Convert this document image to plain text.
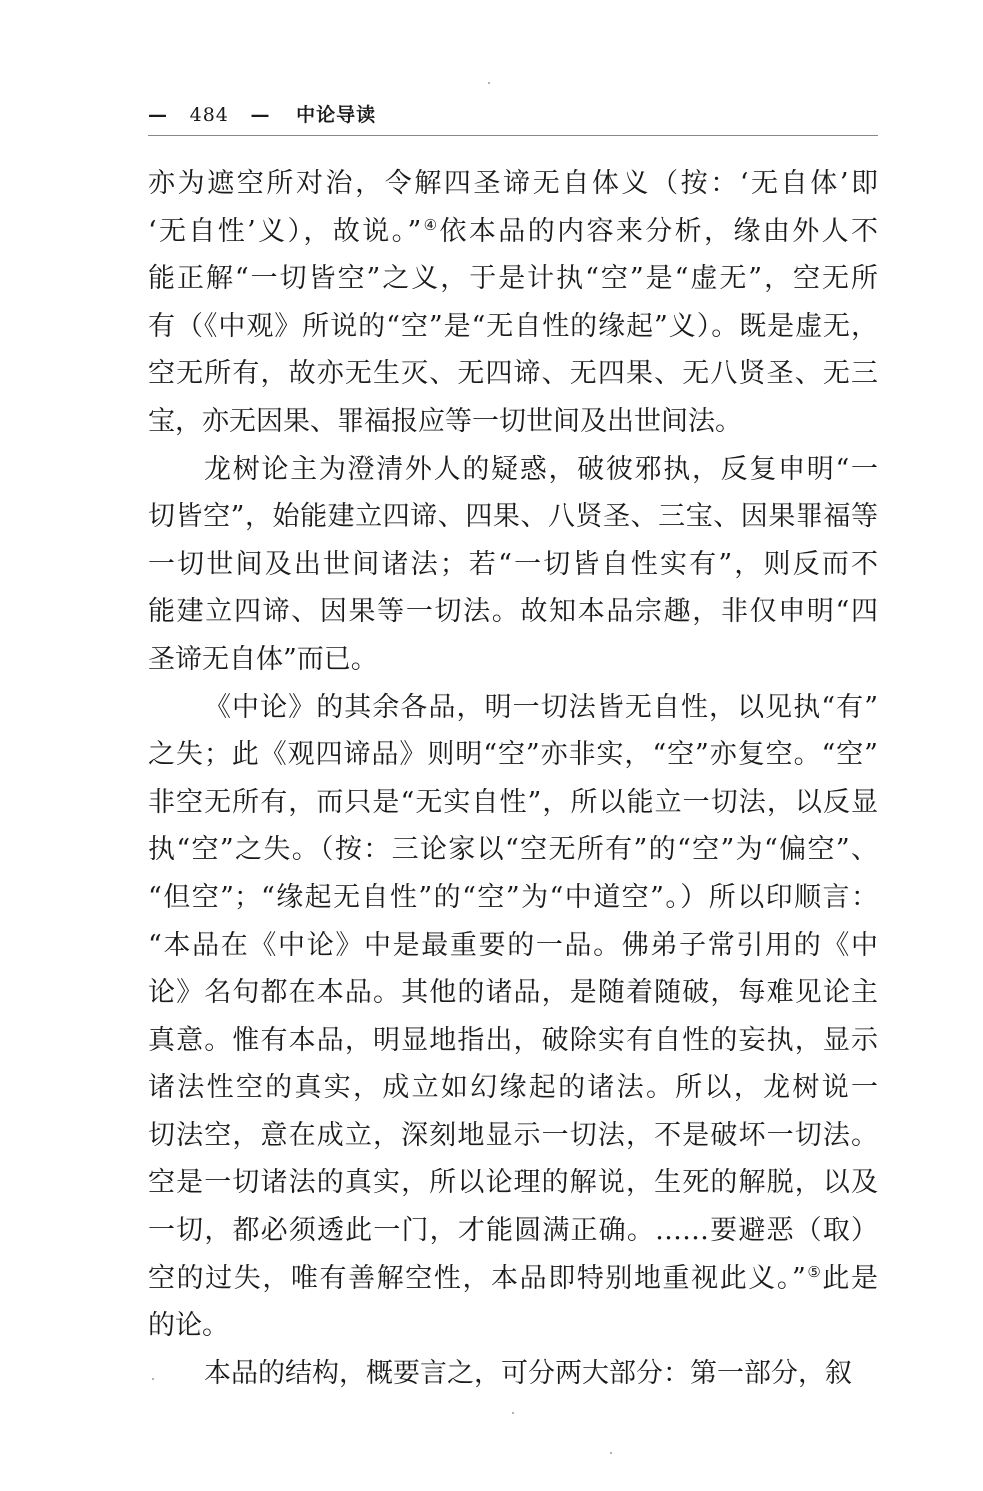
— 484 — 中论导读
亦为遮空所对治，令解四圣谛无自体义（按：‘无自体’即
‘无自性’义），故说。”④依本品的内容来分析，缘由外人不
能正解“一切皆空”之义，于是计执“空”是“虚无”，空无所
有（《中观》所说的“空”是“无自性的缘起”义）。既是虚无，
空无所有，故亦无生灭、无四谛、无四果、无八贤圣、无三
宝，亦无因果、罪福报应等一切世间及出世间法。
龙树论主为澄清外人的疑惑，破彼邪执，反复申明“一
切皆空”，始能建立四谛、四果、八贤圣、三宝、因果罪福等
一切世间及出世间诸法；若“一切皆自性实有”，则反而不
能建立四谛、因果等一切法。故知本品宗趣，非仅申明“四
圣谛无自体”而已。
《中论》的其余各品，明一切法皆无自性，以见执“有”
之失；此《观四谛品》则明“空”亦非实，“空”亦复空。“空”
非空无所有，而只是“无实自性”，所以能立一切法，以反显
执“空”之失。（按：三论家以“空无所有”的“空”为“偏空”、
“但空”；“缘起无自性”的“空”为“中道空”。）所以印顺言：
“本品在《中论》中是最重要的一品。佛弟子常引用的《中
论》名句都在本品。其他的诸品，是随着随破，每难见论主
真意。惟有本品，明显地指出，破除实有自性的妄执，显示
诸法性空的真实，成立如幻缘起的诸法。所以，龙树说一
切法空，意在成立，深刻地显示一切法，不是破坏一切法。
空是一切诸法的真实，所以论理的解说，生死的解脱，以及
一切，都必须透此一门，才能圆满正确。……要避恶（取）
空的过失，唯有善解空性，本品即特别地重视此义。”⑤此是
的论。
本品的结构，概要言之，可分两大部分：第一部分，叙
